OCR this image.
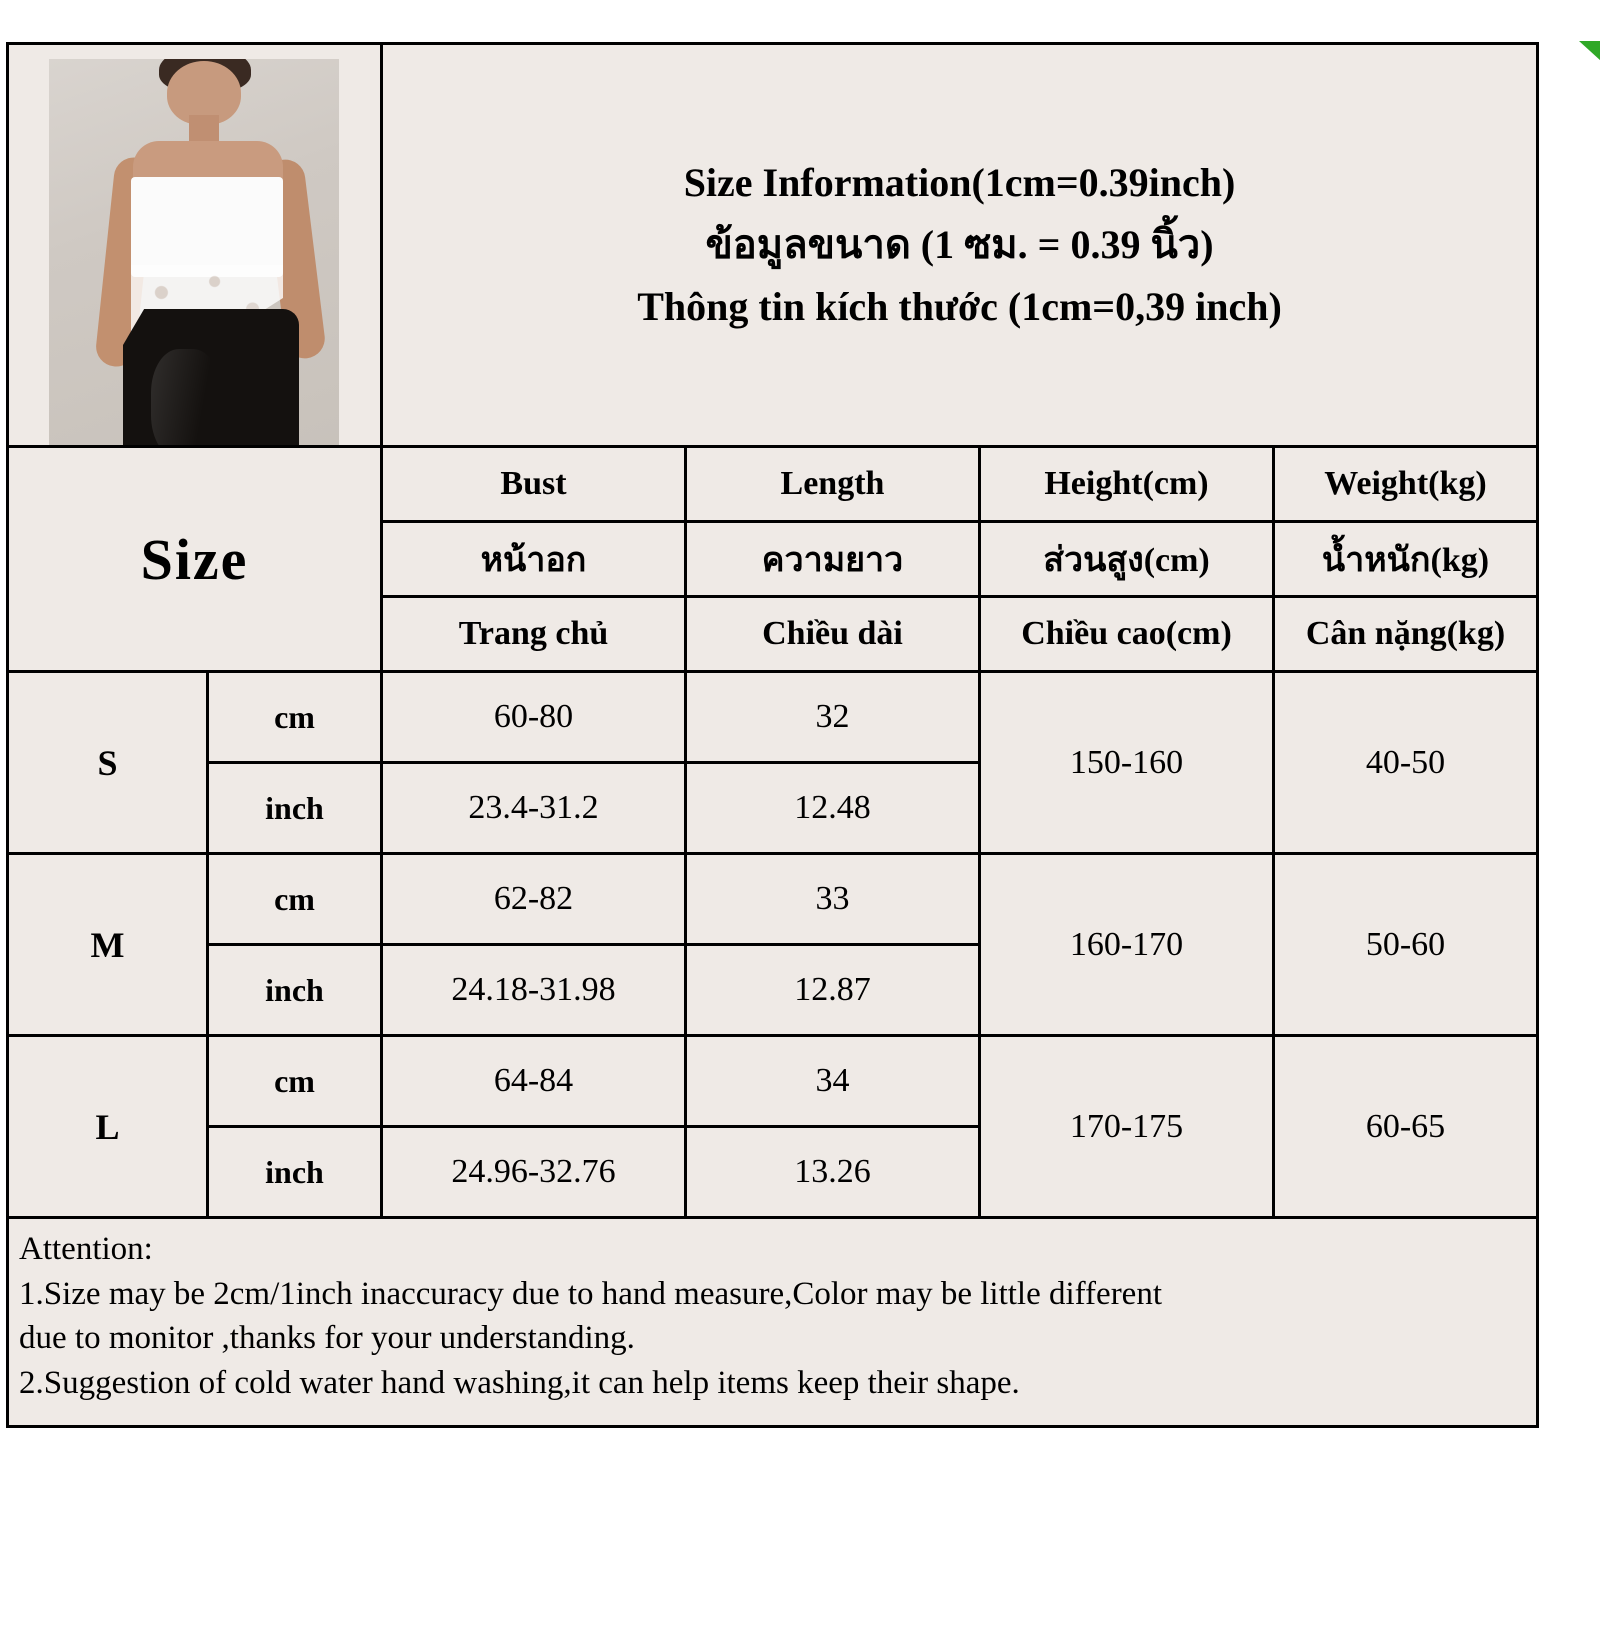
		Size Information(1cm=0.39inch)
ข้อมูลขนาด (1 ซม. = 0.39 นิ้ว)
Thông tin kích thước (1cm=0,39 inch)			

Size		Bust	Length	Height(cm)	Weight(kg)
		หน้าอก	ความยาว	ส่วนสูง(cm)	น้ำหนัก(kg)
		Trang chủ	Chiều dài	Chiều cao(cm)	Cân nặng(kg)
S	cm	60-80	32	150-160	40-50
	inch	23.4-31.2	12.48		
M	cm	62-82	33	160-170	50-60
	inch	24.18-31.98	12.87		
L	cm	64-84	34	170-175	60-65
	inch	24.96-32.76	13.26		

Attention:
1.Size may be 2cm/1inch inaccuracy due to hand measure,Color may be little different
due to monitor ,thanks for your understanding.
2.Suggestion of cold water hand washing,it can help items keep their shape.					
